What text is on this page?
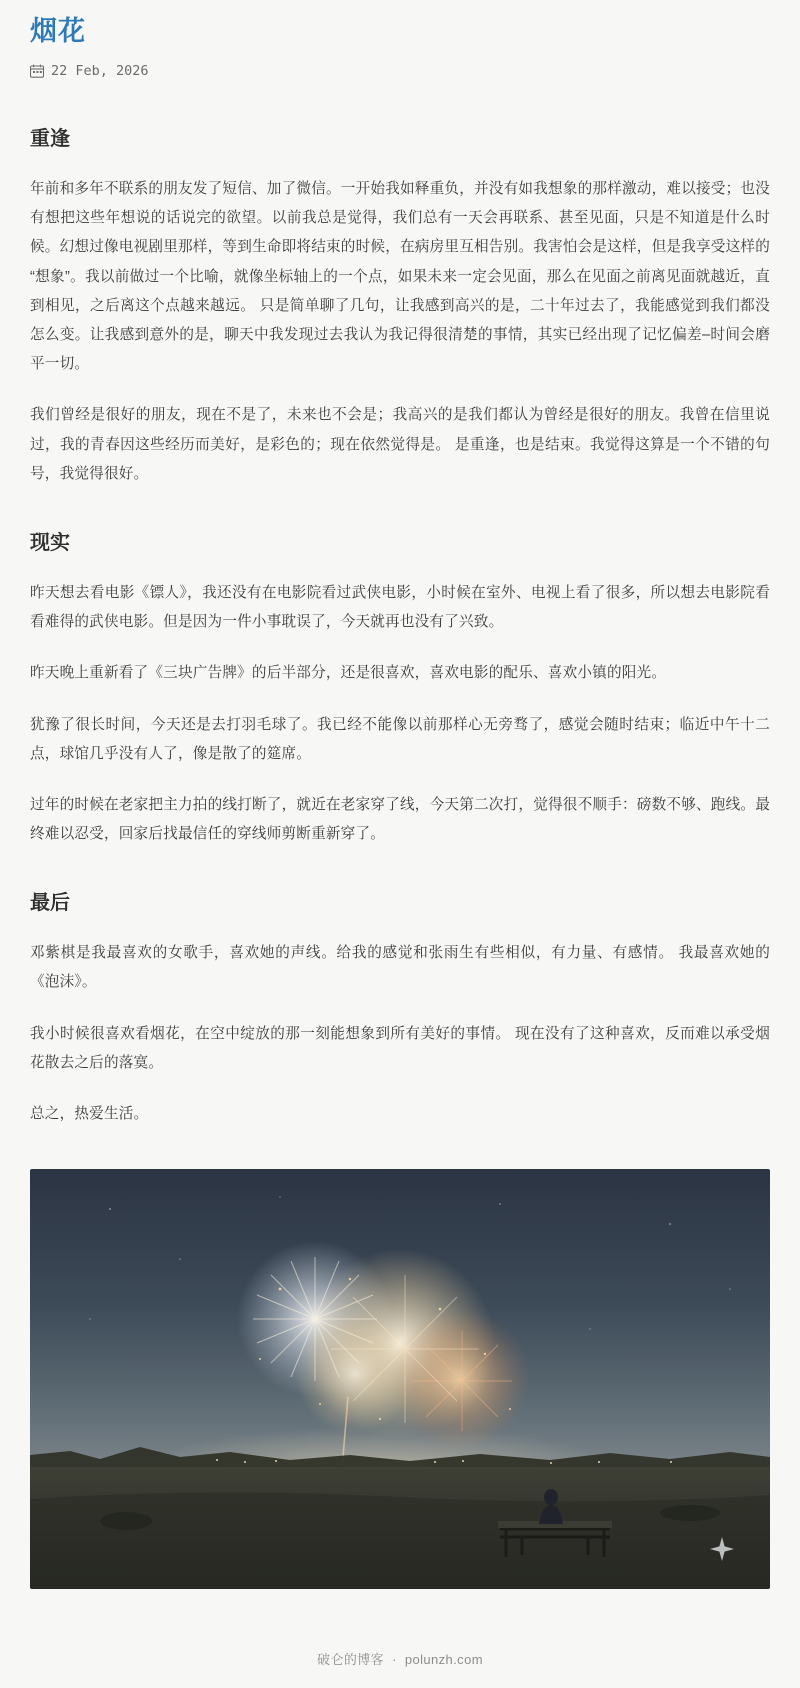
烟花
22 Feb, 2026
重逢

年前和多年不联系的朋友发了短信、加了微信。一开始我如释重负，并没有如我想象的那样激动，难以接受；也没有想把这些年想说的话说完的欲望。以前我总是觉得，我们总有一天会再联系、甚至见面，只是不知道是什么时候。幻想过像电视剧里那样，等到生命即将结束的时候，在病房里互相告别。我害怕会是这样，但是我享受这样的“想象”。我以前做过一个比喻，就像坐标轴上的一个点，如果未来一定会见面，那么在见面之前离见面就越近，直到相见，之后离这个点越来越远。 只是简单聊了几句，让我感到高兴的是，二十年过去了，我能感觉到我们都没怎么变。让我感到意外的是，聊天中我发现过去我认为我记得很清楚的事情，其实已经出现了记忆偏差–时间会磨平一切。

我们曾经是很好的朋友，现在不是了，未来也不会是；我高兴的是我们都认为曾经是很好的朋友。我曾在信里说过，我的青春因这些经历而美好，是彩色的；现在依然觉得是。 是重逢，也是结束。我觉得这算是一个不错的句号，我觉得很好。

现实

昨天想去看电影《镖人》，我还没有在电影院看过武侠电影，小时候在室外、电视上看了很多，所以想去电影院看看难得的武侠电影。但是因为一件小事耽误了，今天就再也没有了兴致。

昨天晚上重新看了《三块广告牌》的后半部分，还是很喜欢，喜欢电影的配乐、喜欢小镇的阳光。

犹豫了很长时间，今天还是去打羽毛球了。我已经不能像以前那样心无旁骛了，感觉会随时结束；临近中午十二点，球馆几乎没有人了，像是散了的筵席。

过年的时候在老家把主力拍的线打断了，就近在老家穿了线，今天第二次打，觉得很不顺手：磅数不够、跑线。最终难以忍受，回家后找最信任的穿线师剪断重新穿了。

最后

邓紫棋是我最喜欢的女歌手，喜欢她的声线。给我的感觉和张雨生有些相似，有力量、有感情。 我最喜欢她的《泡沫》。

我小时候很喜欢看烟花，在空中绽放的那一刻能想象到所有美好的事情。 现在没有了这种喜欢，反而难以承受烟花散去之后的落寞。

总之，热爱生活。

破仑的博客 · polunzh.com
